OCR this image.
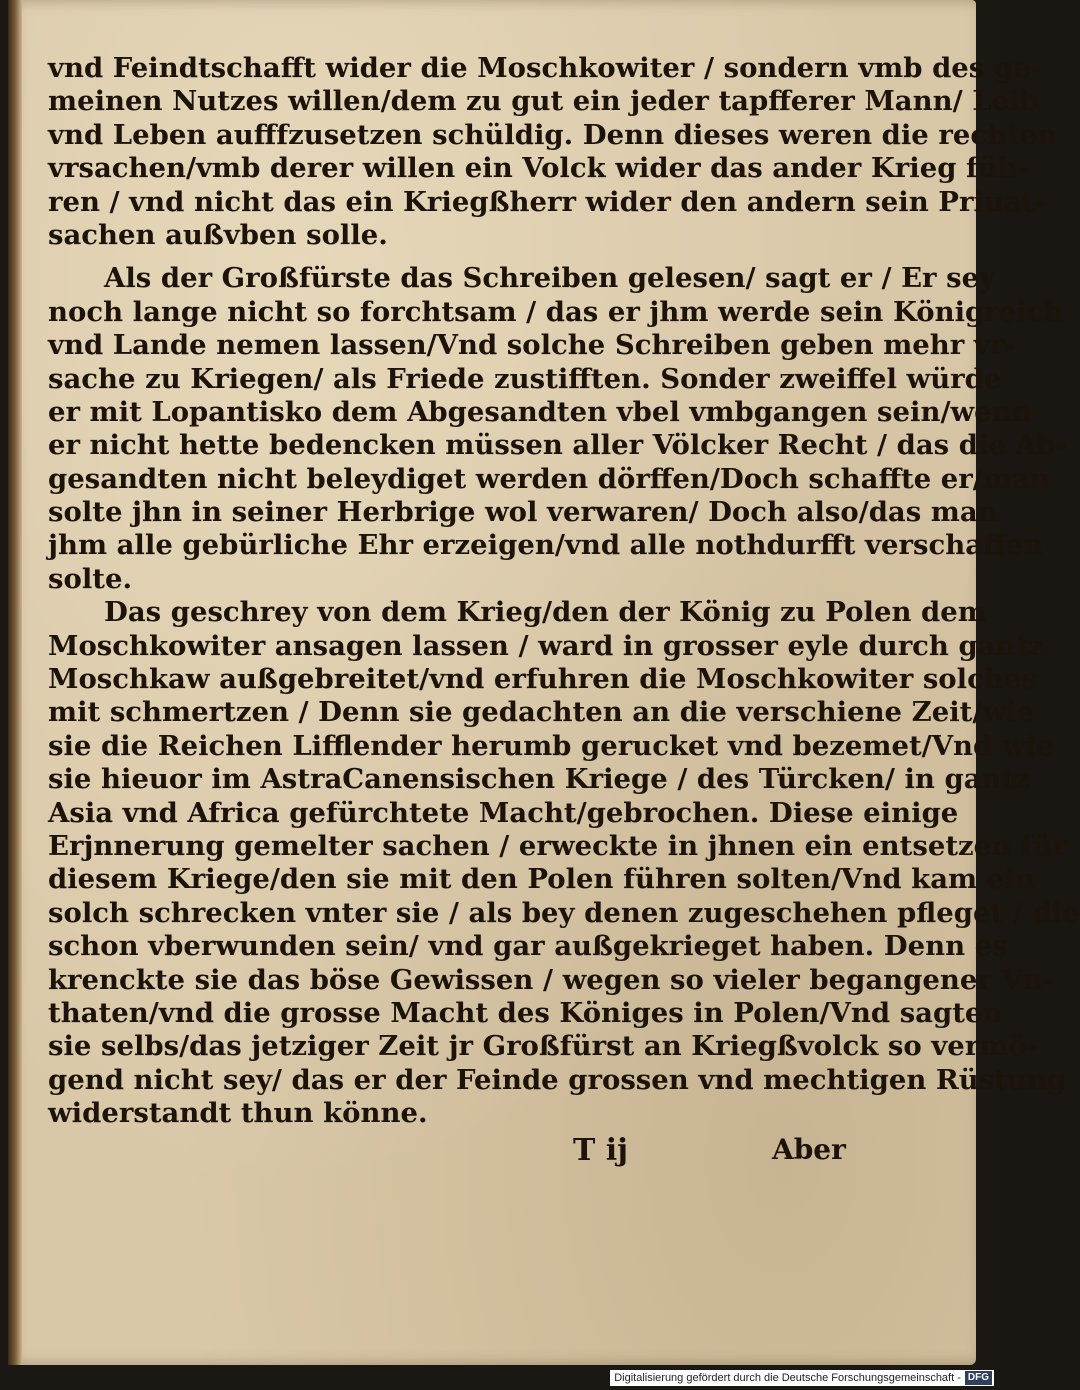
vnd Feindtschafft wider die Moschkowiter / sondern vmb des ge-
meinen Nutzes willen/dem zu gut ein jeder tapfferer Mann/ Leib
vnd Leben aufffzusetzen schüldig. Denn dieses weren die rechten
vrsachen/vmb derer willen ein Volck wider das ander Krieg füh-
ren / vnd nicht das ein Kriegßherr wider den andern sein Priuat-
sachen außvben solle.
Als der Großfürste das Schreiben gelesen/ sagt er / Er sey
noch lange nicht so forchtsam / das er jhm werde sein Königreich
vnd Lande nemen lassen/Vnd solche Schreiben geben mehr vr-
sache zu Kriegen/ als Friede zustifften. Sonder zweiffel würde
er mit Lopantisko dem Abgesandten vbel vmbgangen sein/wenn
er nicht hette bedencken müssen aller Völcker Recht / das die Ab-
gesandten nicht beleydiget werden dörffen/Doch schaffte er/man
solte jhn in seiner Herbrige wol verwaren/ Doch also/das man
jhm alle gebürliche Ehr erzeigen/vnd alle nothdurfft verschaffen
solte.
Das geschrey von dem Krieg/den der König zu Polen dem
Moschkowiter ansagen lassen / ward in grosser eyle durch gantz
Moschkaw außgebreitet/vnd erfuhren die Moschkowiter solches
mit schmertzen / Denn sie gedachten an die verschiene Zeit/wie
sie die Reichen Lifflender herumb gerucket vnd bezemet/Vnd wie
sie hieuor im AstraCanensischen Kriege / des Türcken/ in gantz
Asia vnd Africa gefürchtete Macht/gebrochen. Diese einige
Erjnnerung gemelter sachen / erweckte in jhnen ein entsetzen für
diesem Kriege/den sie mit den Polen führen solten/Vnd kam ein
solch schrecken vnter sie / als bey denen zugeschehen pfleget / die
schon vberwunden sein/ vnd gar außgekrieget haben. Denn es
krenckte sie das böse Gewissen / wegen so vieler begangener Vn-
thaten/vnd die grosse Macht des Königes in Polen/Vnd sagten
sie selbs/das jetziger Zeit jr Großfürst an Kriegßvolck so vermö-
gend nicht sey/ das er der Feinde grossen vnd mechtigen Rüstung
widerstandt thun könne.
T ij	Aber
Digitalisierung gefördert durch die Deutsche Forschungsgemeinschaft - DFG
